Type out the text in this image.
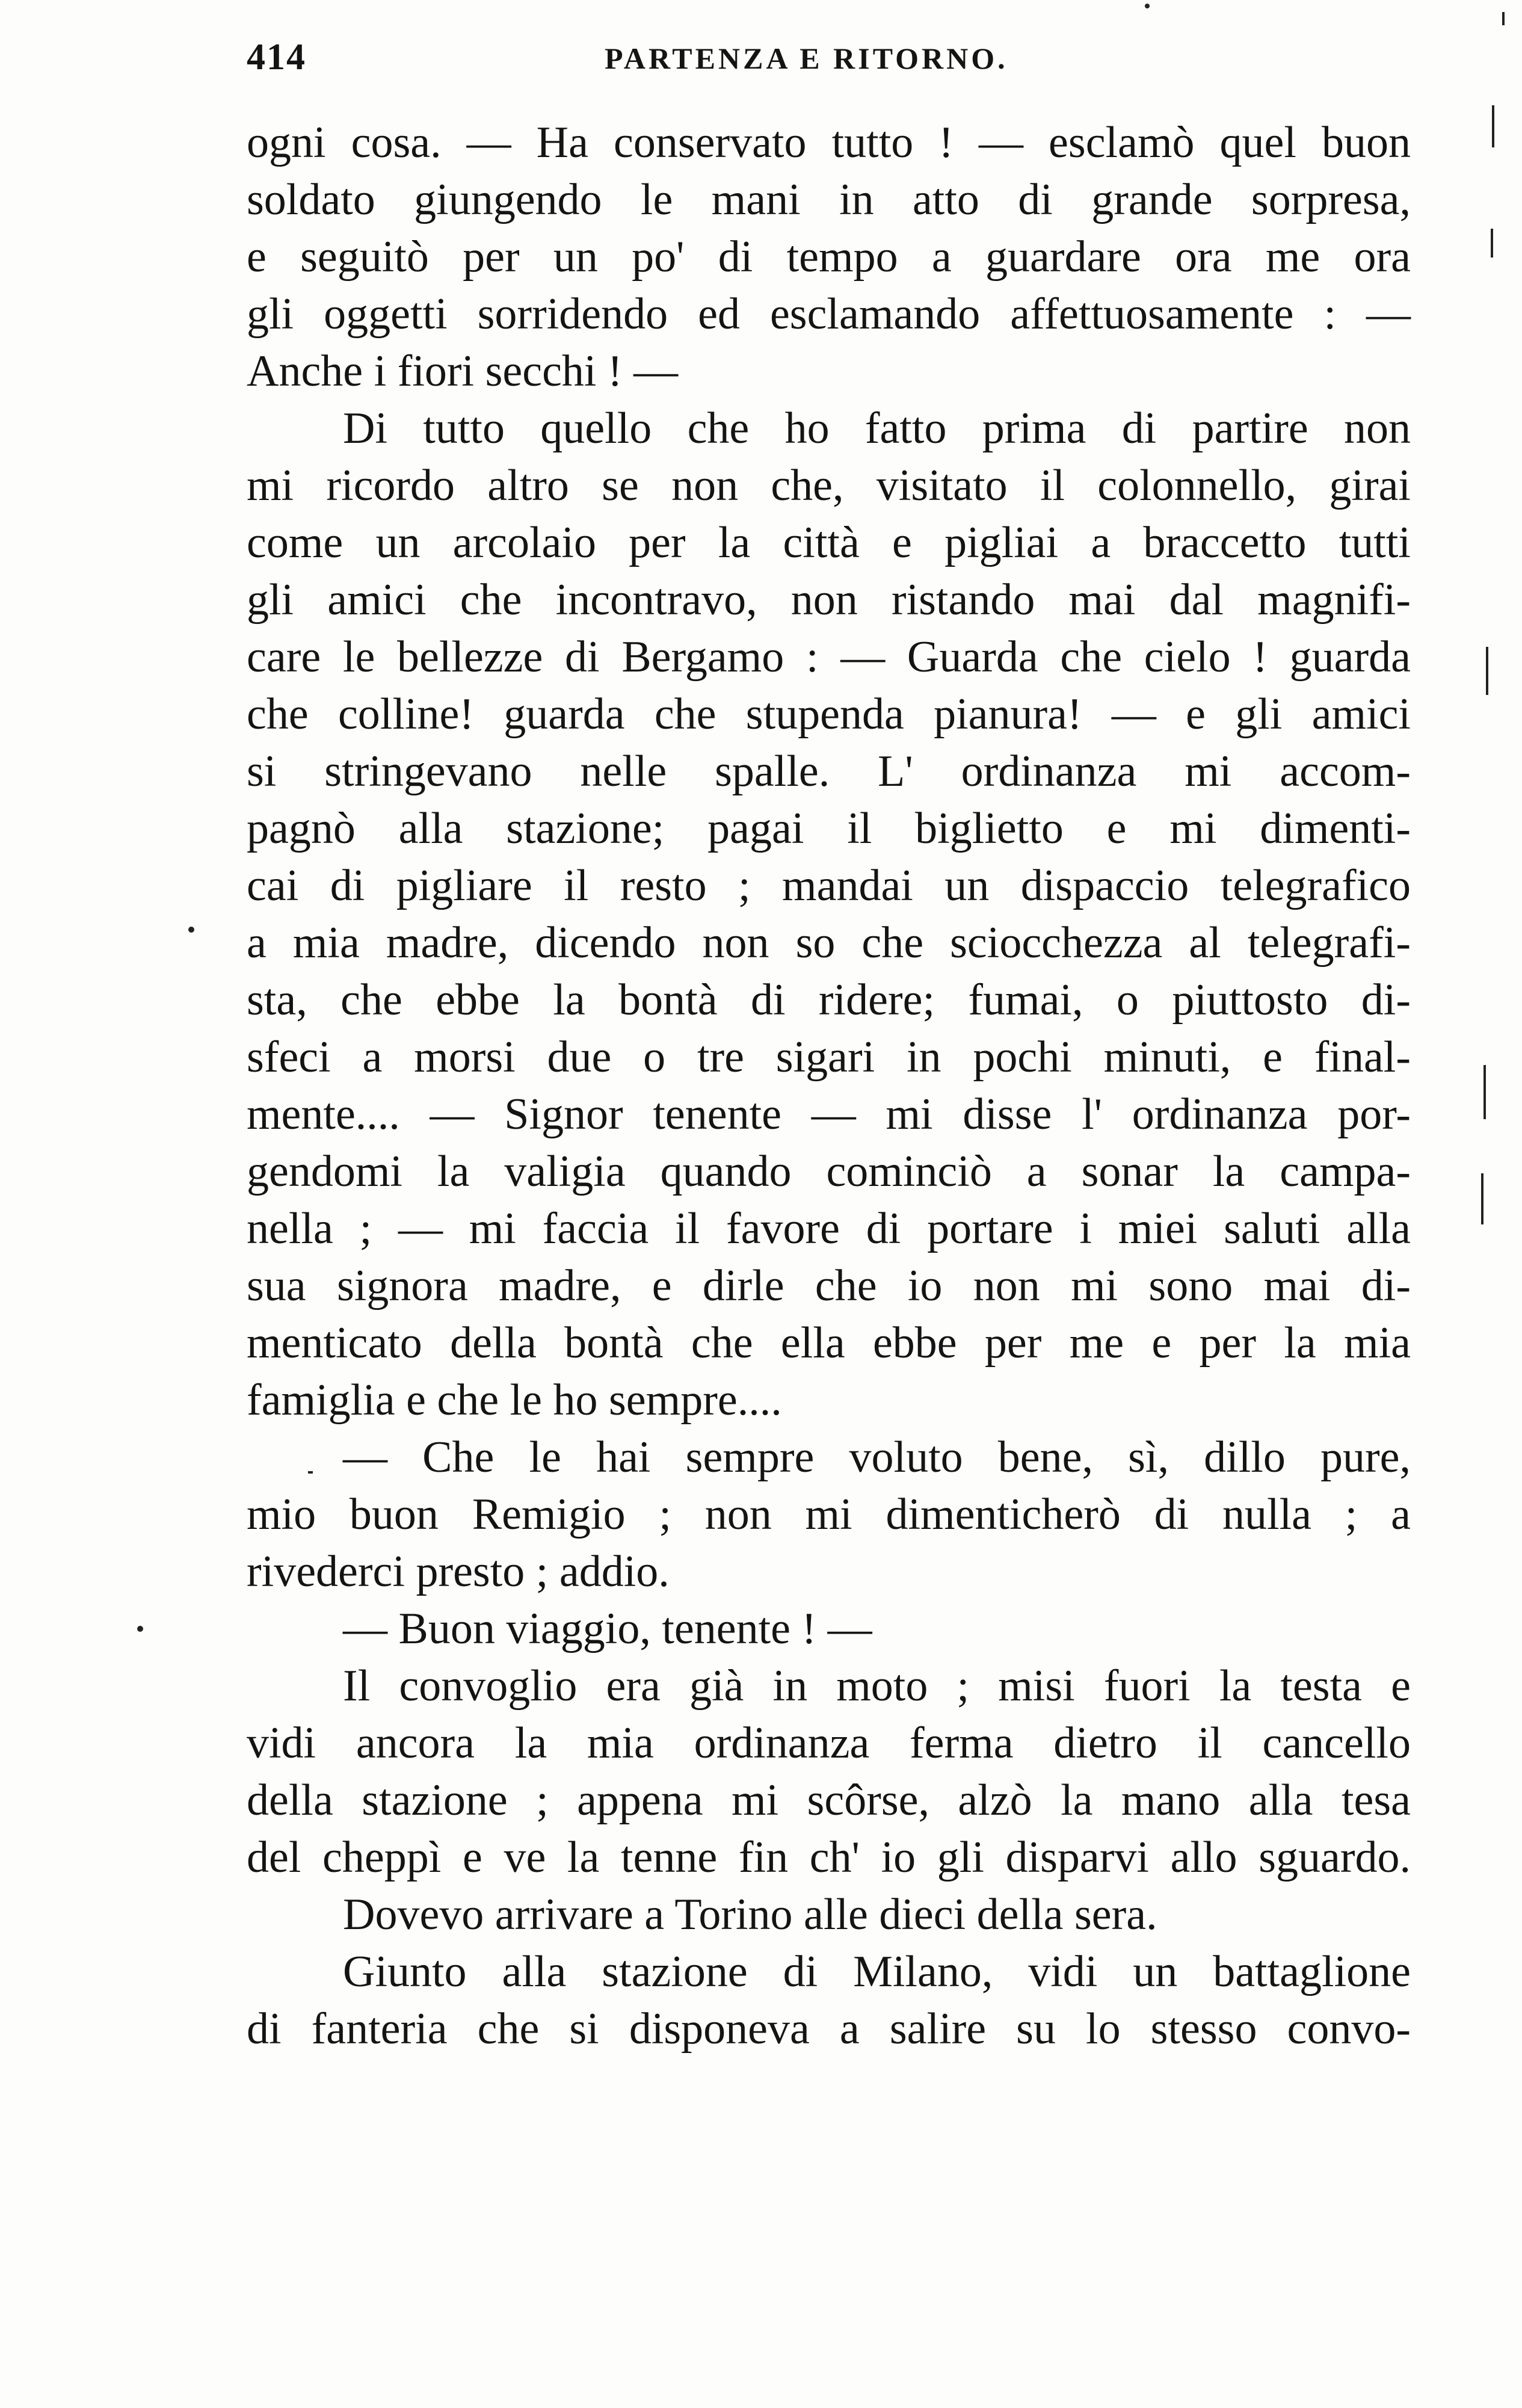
414	PARTENZA E RITORNO.
ogni cosa. — Ha conservato tutto ! — esclamò quel buon
soldato giungendo le mani in atto di grande sorpresa,
e seguitò per un po' di tempo a guardare ora me ora
gli oggetti sorridendo ed esclamando affettuosamente : —
Anche i fiori secchi ! —
Di tutto quello che ho fatto prima di partire non
mi ricordo altro se non che, visitato il colonnello, girai
come un arcolaio per la città e pigliai a braccetto tutti
gli amici che incontravo, non ristando mai dal magnifi-
care le bellezze di Bergamo : — Guarda che cielo ! guarda
che colline! guarda che stupenda pianura! — e gli amici
si stringevano nelle spalle. L' ordinanza mi accom-
pagnò alla stazione; pagai il biglietto e mi dimenti-
cai di pigliare il resto ; mandai un dispaccio telegrafico
a mia madre, dicendo non so che sciocchezza al telegrafi-
sta, che ebbe la bontà di ridere; fumai, o piuttosto di-
sfeci a morsi due o tre sigari in pochi minuti, e final-
mente.... — Signor tenente — mi disse l' ordinanza por-
gendomi la valigia quando cominciò a sonar la campa-
nella ; — mi faccia il favore di portare i miei saluti alla
sua signora madre, e dirle che io non mi sono mai di-
menticato della bontà che ella ebbe per me e per la mia
famiglia e che le ho sempre....
— Che le hai sempre voluto bene, sì, dillo pure,
mio buon Remigio ; non mi dimenticherò di nulla ; a
rivederci presto ; addio.
— Buon viaggio, tenente ! —
Il convoglio era già in moto ; misi fuori la testa e
vidi ancora la mia ordinanza ferma dietro il cancello
della stazione ; appena mi scôrse, alzò la mano alla tesa
del cheppì e ve la tenne fin ch' io gli disparvi allo sguardo.
Dovevo arrivare a Torino alle dieci della sera.
Giunto alla stazione di Milano, vidi un battaglione
di fanteria che si disponeva a salire su lo stesso convo-
